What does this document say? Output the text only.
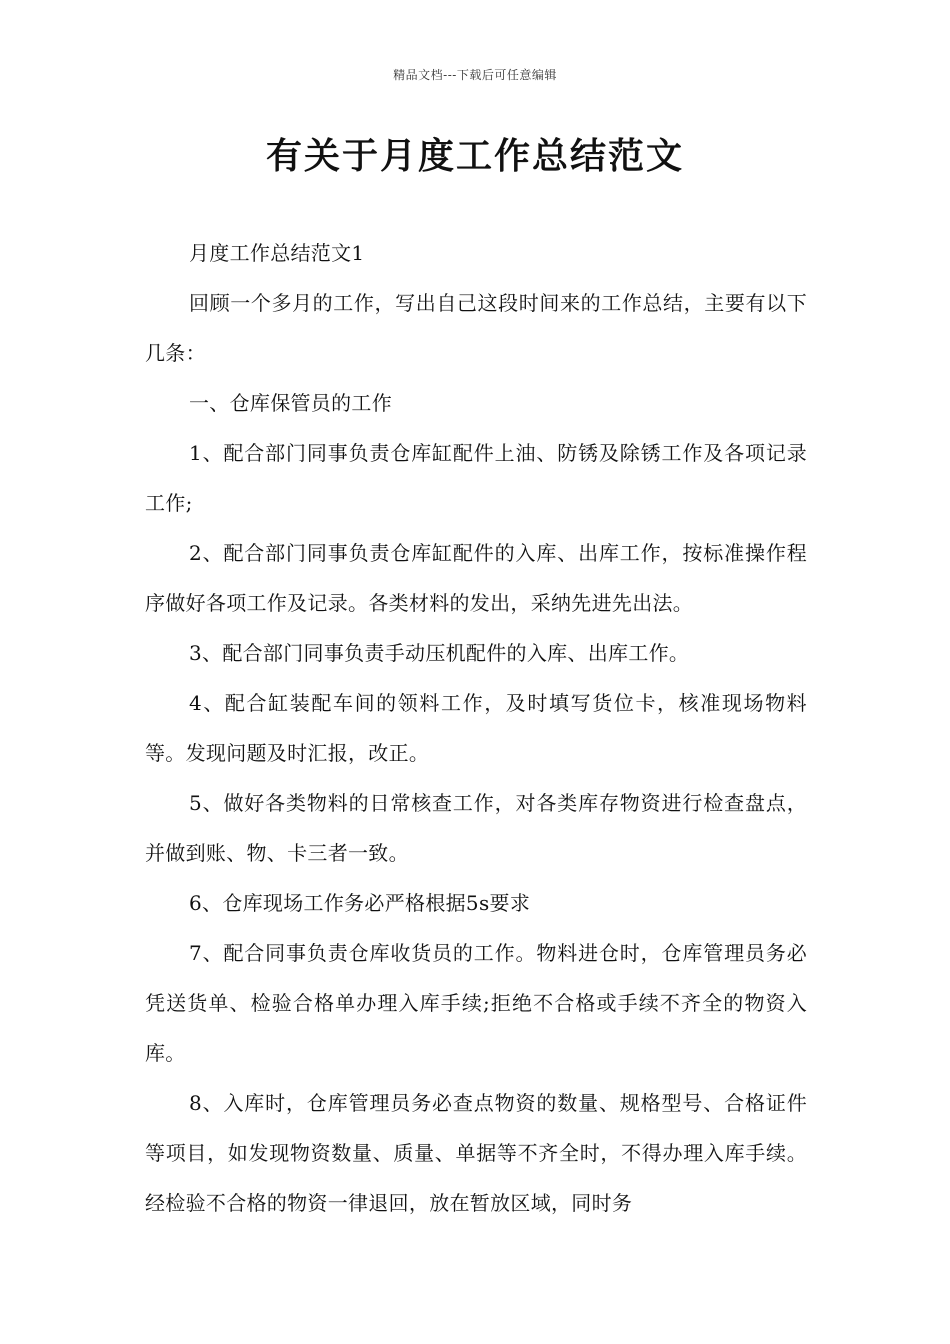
精品文档---下载后可任意编辑
有关于月度工作总结范文

月度工作总结范文1

回顾一个多月的工作，写出自己这段时间来的工作总结，主要有以下几条：

一、仓库保管员的工作

1、配合部门同事负责仓库缸配件上油、防锈及除锈工作及各项记录工作;

2、配合部门同事负责仓库缸配件的入库、出库工作，按标准操作程序做好各项工作及记录。各类材料的发出，采纳先进先出法。

3、配合部门同事负责手动压机配件的入库、出库工作。

4、配合缸装配车间的领料工作，及时填写货位卡，核准现场物料等。发现问题及时汇报，改正。

5、做好各类物料的日常核查工作，对各类库存物资进行检查盘点，并做到账、物、卡三者一致。

6、仓库现场工作务必严格根据5s要求

7、配合同事负责仓库收货员的工作。物料进仓时，仓库管理员务必凭送货单、检验合格单办理入库手续;拒绝不合格或手续不齐全的物资入库。

8、入库时，仓库管理员务必查点物资的数量、规格型号、合格证件等项目，如发现物资数量、质量、单据等不齐全时，不得办理入库手续。经检验不合格的物资一律退回，放在暂放区域，同时务
